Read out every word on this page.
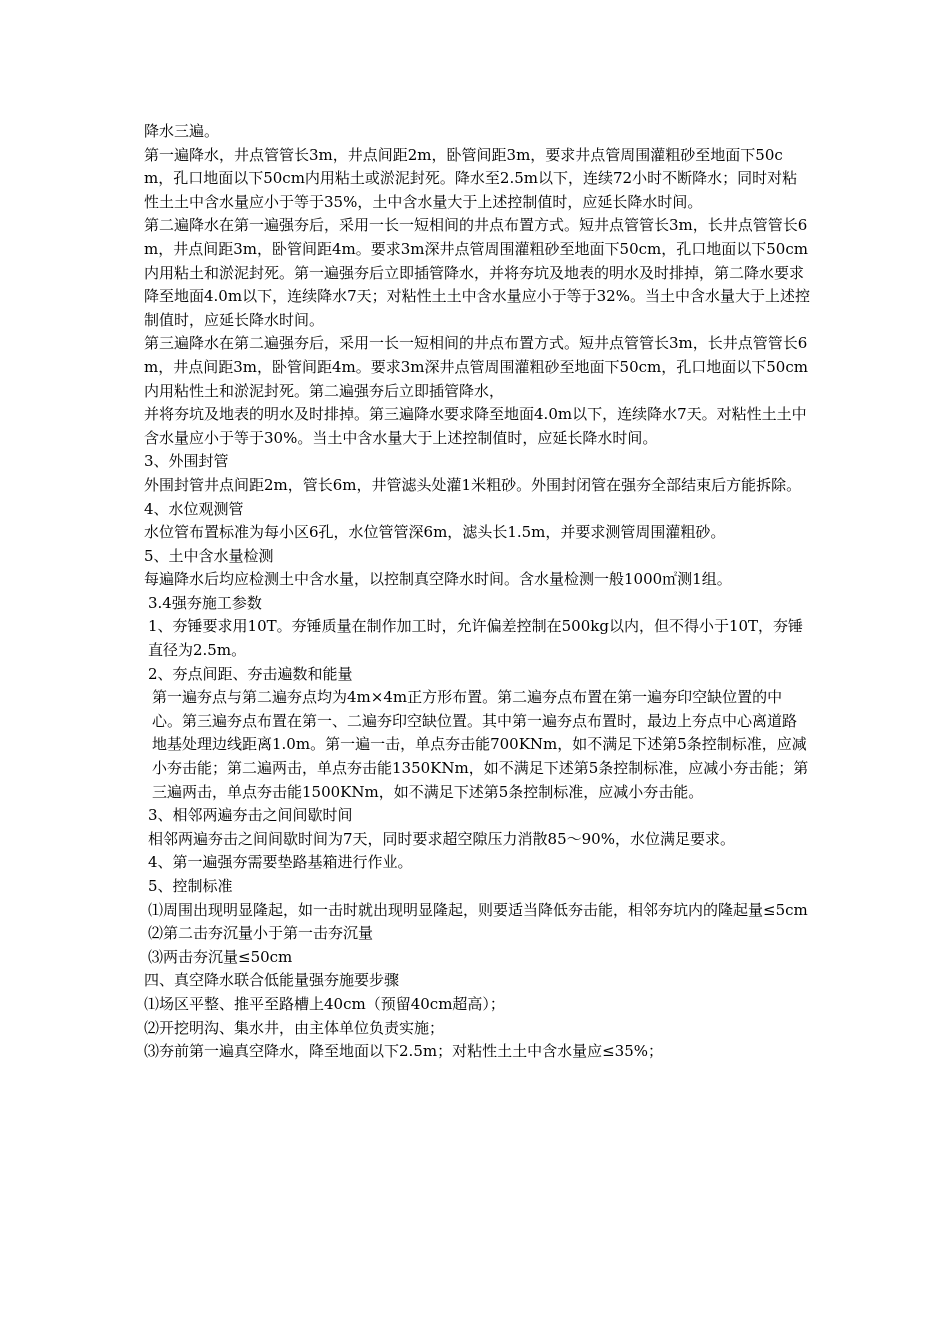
降水三遍。

第一遍降水，井点管管长3m，井点间距2m，卧管间距3m，要求井点管周围灌粗砂至地面下50cm，孔口地面以下50cm内用粘土或淤泥封死。降水至2.5m以下，连续72小时不断降水；同时对粘性土土中含水量应小于等于35%，土中含水量大于上述控制值时，应延长降水时间。

第二遍降水在第一遍强夯后，采用一长一短相间的井点布置方式。短井点管管长3m，长井点管管长6m，井点间距3m，卧管间距4m。要求3m深井点管周围灌粗砂至地面下50cm，孔口地面以下50cm内用粘土和淤泥封死。第一遍强夯后立即插管降水，并将夯坑及地表的明水及时排掉，第二降水要求降至地面4.0m以下，连续降水7天；对粘性土土中含水量应小于等于32%。当土中含水量大于上述控制值时，应延长降水时间。

第三遍降水在第二遍强夯后，采用一长一短相间的井点布置方式。短井点管管长3m，长井点管管长6m，井点间距3m，卧管间距4m。要求3m深井点管周围灌粗砂至地面下50cm，孔口地面以下50cm内用粘性土和淤泥封死。第二遍强夯后立即插管降水，

并将夯坑及地表的明水及时排掉。第三遍降水要求降至地面4.0m以下，连续降水7天。对粘性土土中含水量应小于等于30%。当土中含水量大于上述控制值时，应延长降水时间。

3、外围封管

外围封管井点间距2m，管长6m，井管滤头处灌1米粗砂。外围封闭管在强夯全部结束后方能拆除。

4、水位观测管

水位管布置标准为每小区6孔，水位管管深6m，滤头长1.5m，并要求测管周围灌粗砂。

5、土中含水量检测

每遍降水后均应检测土中含水量，以控制真空降水时间。含水量检测一般1000㎡测1组。

3.4强夯施工参数

1、夯锤要求用10T。夯锤质量在制作加工时，允许偏差控制在500kg以内，但不得小于10T，夯锤直径为2.5m。

2、夯点间距、夯击遍数和能量

第一遍夯点与第二遍夯点均为4m×4m正方形布置。第二遍夯点布置在第一遍夯印空缺位置的中心。第三遍夯点布置在第一、二遍夯印空缺位置。其中第一遍夯点布置时，最边上夯点中心离道路地基处理边线距离1.0m。第一遍一击，单点夯击能700KNm，如不满足下述第5条控制标准，应减小夯击能；第二遍两击，单点夯击能1350KNm，如不满足下述第5条控制标准，应减小夯击能；第三遍两击，单点夯击能1500KNm，如不满足下述第5条控制标准，应减小夯击能。

3、相邻两遍夯击之间间歇时间

相邻两遍夯击之间间歇时间为7天，同时要求超空隙压力消散85～90%，水位满足要求。

4、第一遍强夯需要垫路基箱进行作业。

5、控制标准

⑴周围出现明显隆起，如一击时就出现明显隆起，则要适当降低夯击能，相邻夯坑内的隆起量≤5cm

⑵第二击夯沉量小于第一击夯沉量

⑶两击夯沉量≤50cm

四、真空降水联合低能量强夯施要步骤

⑴场区平整、推平至路槽上40cm（预留40cm超高）；

⑵开挖明沟、集水井，由主体单位负责实施；

⑶夯前第一遍真空降水，降至地面以下2.5m；对粘性土土中含水量应≤35%；
